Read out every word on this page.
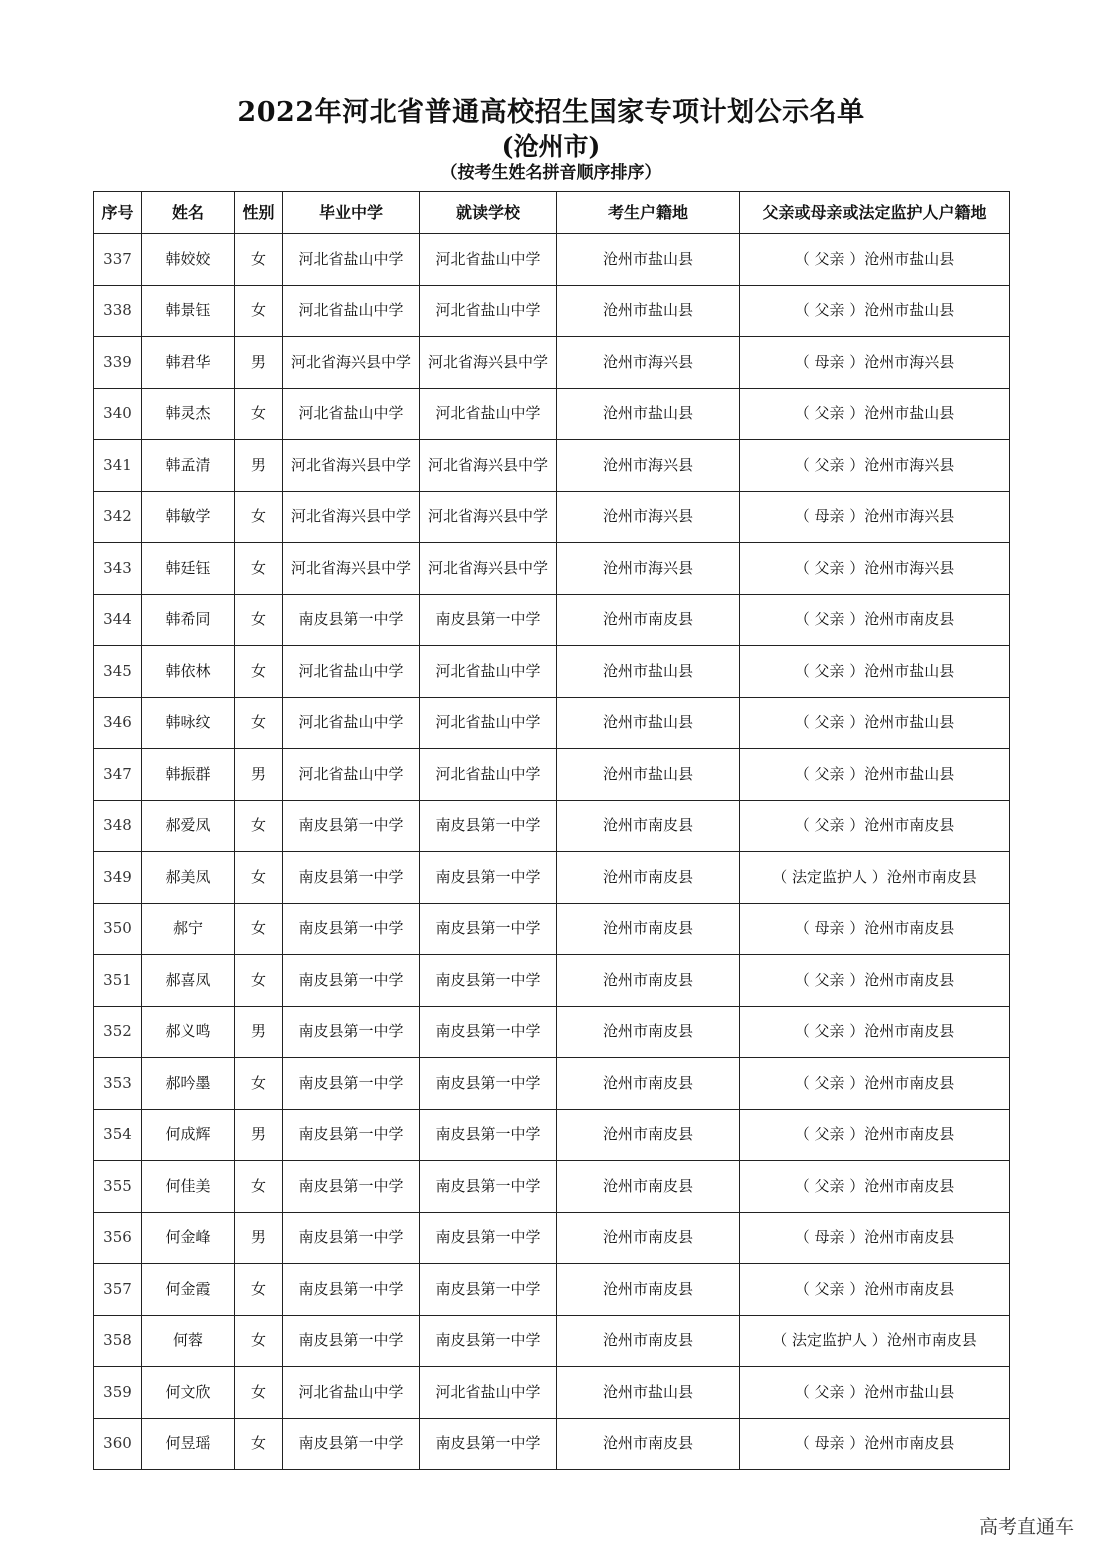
2022年河北省普通高校招生国家专项计划公示名单
(沧州市)
（按考生姓名拼音顺序排序）
序号	姓名	性别	毕业中学	就读学校	考生户籍地	父亲或母亲或法定监护人户籍地
337	韩姣姣	女	河北省盐山中学	河北省盐山中学	沧州市盐山县	（ 父亲 ）沧州市盐山县
338	韩景钰	女	河北省盐山中学	河北省盐山中学	沧州市盐山县	（ 父亲 ）沧州市盐山县
339	韩君华	男	河北省海兴县中学	河北省海兴县中学	沧州市海兴县	（ 母亲 ）沧州市海兴县
340	韩灵杰	女	河北省盐山中学	河北省盐山中学	沧州市盐山县	（ 父亲 ）沧州市盐山县
341	韩孟清	男	河北省海兴县中学	河北省海兴县中学	沧州市海兴县	（ 父亲 ）沧州市海兴县
342	韩敏学	女	河北省海兴县中学	河北省海兴县中学	沧州市海兴县	（ 母亲 ）沧州市海兴县
343	韩廷钰	女	河北省海兴县中学	河北省海兴县中学	沧州市海兴县	（ 父亲 ）沧州市海兴县
344	韩希同	女	南皮县第一中学	南皮县第一中学	沧州市南皮县	（ 父亲 ）沧州市南皮县
345	韩依林	女	河北省盐山中学	河北省盐山中学	沧州市盐山县	（ 父亲 ）沧州市盐山县
346	韩咏纹	女	河北省盐山中学	河北省盐山中学	沧州市盐山县	（ 父亲 ）沧州市盐山县
347	韩振群	男	河北省盐山中学	河北省盐山中学	沧州市盐山县	（ 父亲 ）沧州市盐山县
348	郝爱凤	女	南皮县第一中学	南皮县第一中学	沧州市南皮县	（ 父亲 ）沧州市南皮县
349	郝美凤	女	南皮县第一中学	南皮县第一中学	沧州市南皮县	（ 法定监护人 ）沧州市南皮县
350	郝宁	女	南皮县第一中学	南皮县第一中学	沧州市南皮县	（ 母亲 ）沧州市南皮县
351	郝喜凤	女	南皮县第一中学	南皮县第一中学	沧州市南皮县	（ 父亲 ）沧州市南皮县
352	郝义鸣	男	南皮县第一中学	南皮县第一中学	沧州市南皮县	（ 父亲 ）沧州市南皮县
353	郝吟墨	女	南皮县第一中学	南皮县第一中学	沧州市南皮县	（ 父亲 ）沧州市南皮县
354	何成辉	男	南皮县第一中学	南皮县第一中学	沧州市南皮县	（ 父亲 ）沧州市南皮县
355	何佳美	女	南皮县第一中学	南皮县第一中学	沧州市南皮县	（ 父亲 ）沧州市南皮县
356	何金峰	男	南皮县第一中学	南皮县第一中学	沧州市南皮县	（ 母亲 ）沧州市南皮县
357	何金霞	女	南皮县第一中学	南皮县第一中学	沧州市南皮县	（ 父亲 ）沧州市南皮县
358	何蓉	女	南皮县第一中学	南皮县第一中学	沧州市南皮县	（ 法定监护人 ）沧州市南皮县
359	何文欣	女	河北省盐山中学	河北省盐山中学	沧州市盐山县	（ 父亲 ）沧州市盐山县
360	何昱瑶	女	南皮县第一中学	南皮县第一中学	沧州市南皮县	（ 母亲 ）沧州市南皮县
高考直通车
